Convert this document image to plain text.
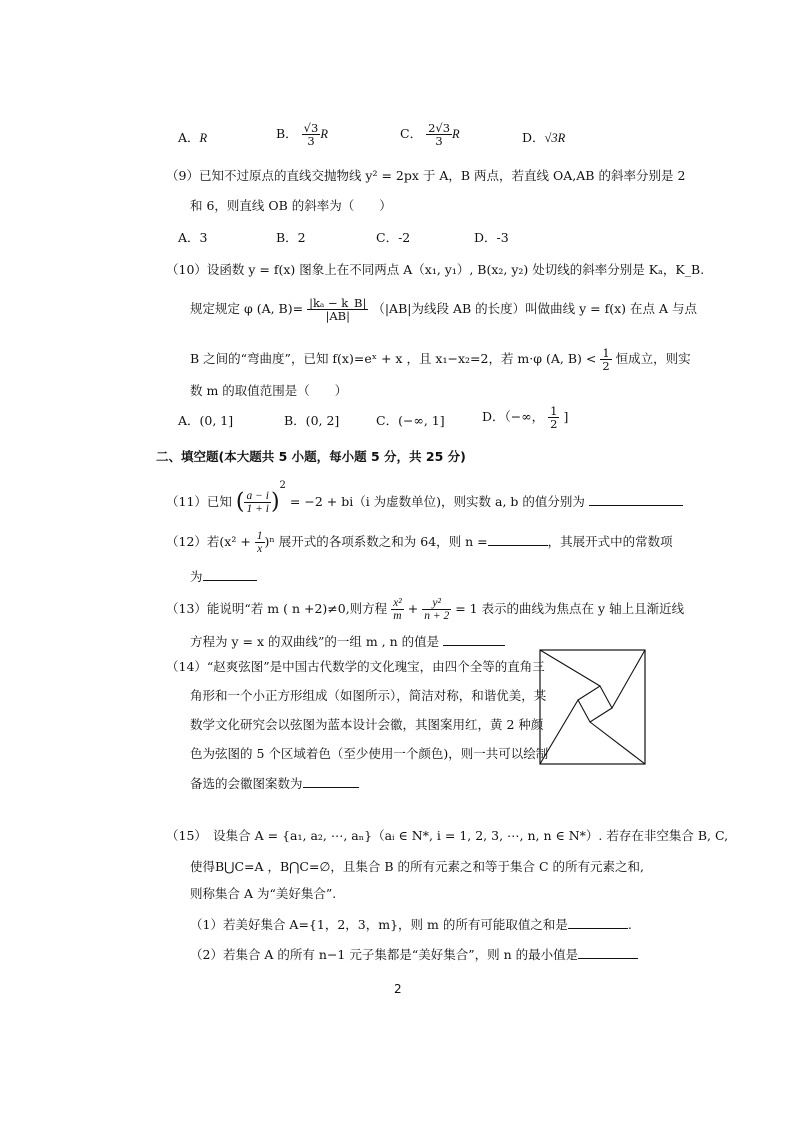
A．R	B． $\frac{√3}{3}$ R	C． $\frac{2√3}{3}$ R	D．√3R
（9）已知不过原点的直线交抛物线 y² = 2px 于 A，B 两点，若直线 OA,AB 的斜率分别是 2
和 6，则直线 OB 的斜率为（　　）
A．3	B．2	C．-2	D．-3
（10）设函数 y = f(x) 图象上在不同两点 A（x₁, y₁）, B(x₂, y₂) 处切线的斜率分别是 Kₐ，K_B.
规定规定 φ (A, $B)= \frac{\text{|kₐ − k\_B|}}{|AB|} (|AB|$为线段 AB 的长度）叫做曲线 y = f(x) 在点 A 与点
B 之间的“弯曲度”，已知 f(x)=eˣ + x ，且 x₁−x₂=2，若 m·φ (A, $B) < \frac{1}{2}$ 恒成立，则实
数 m 的取值范围是（　　）
A．(0, 1]	B．(0, 2]	C．(−∞, 1]	D．（−∞， $\frac{1}{2}$ ]
二、填空题(本大题共 5 小题，每小题 5 分，共 25 分)
（11）已知 ( $\frac{a - i}{1 + i} )^2 = -2 + bi(i$ 为虚数单位)，则实数 a, b 的值分别为
（12）若$(x^2 + \frac{1}{x} )^n$ 展开式的各项系数之和为 64，则 n =	，其展开式中的常数项
为
（13）能说明“若 m ( n +2)≠0,则方程 $\frac{\text{x²}}{m} + \frac{\text{y²}}{n + 2} = 1$ 表示的曲线为焦点在 y 轴上且渐近线
方程为 y = x 的双曲线”的一组 m , n 的值是
（14）“赵爽弦图”是中国古代数学的文化瑰宝，由四个全等的直角三
角形和一个小正方形组成（如图所示），简洁对称，和谐优美，某
数学文化研究会以弦图为蓝本设计会徽，其图案用红，黄 2 种颜
色为弦图的 5 个区域着色（至少使用一个颜色)，则一共可以绘制
备选的会徽图案数为
（15）　设集合 A = {a₁, a₂, ⋯, aₙ}（aᵢ ∈ N*, i = 1, 2, 3, ⋯, n, n ∈ N*）. 若存在非空集合 B, C,
使得B⋃C=A ，B⋂C=∅，且集合 B 的所有元素之和等于集合 C 的所有元素之和,
则称集合 A 为“美好集合”.
（1）若美好集合 A={1，2，3，m}，则 m 的所有可能取值之和是	.
（2）若集合 A 的所有 n−1 元子集都是“美好集合”，则 n 的最小值是
2
